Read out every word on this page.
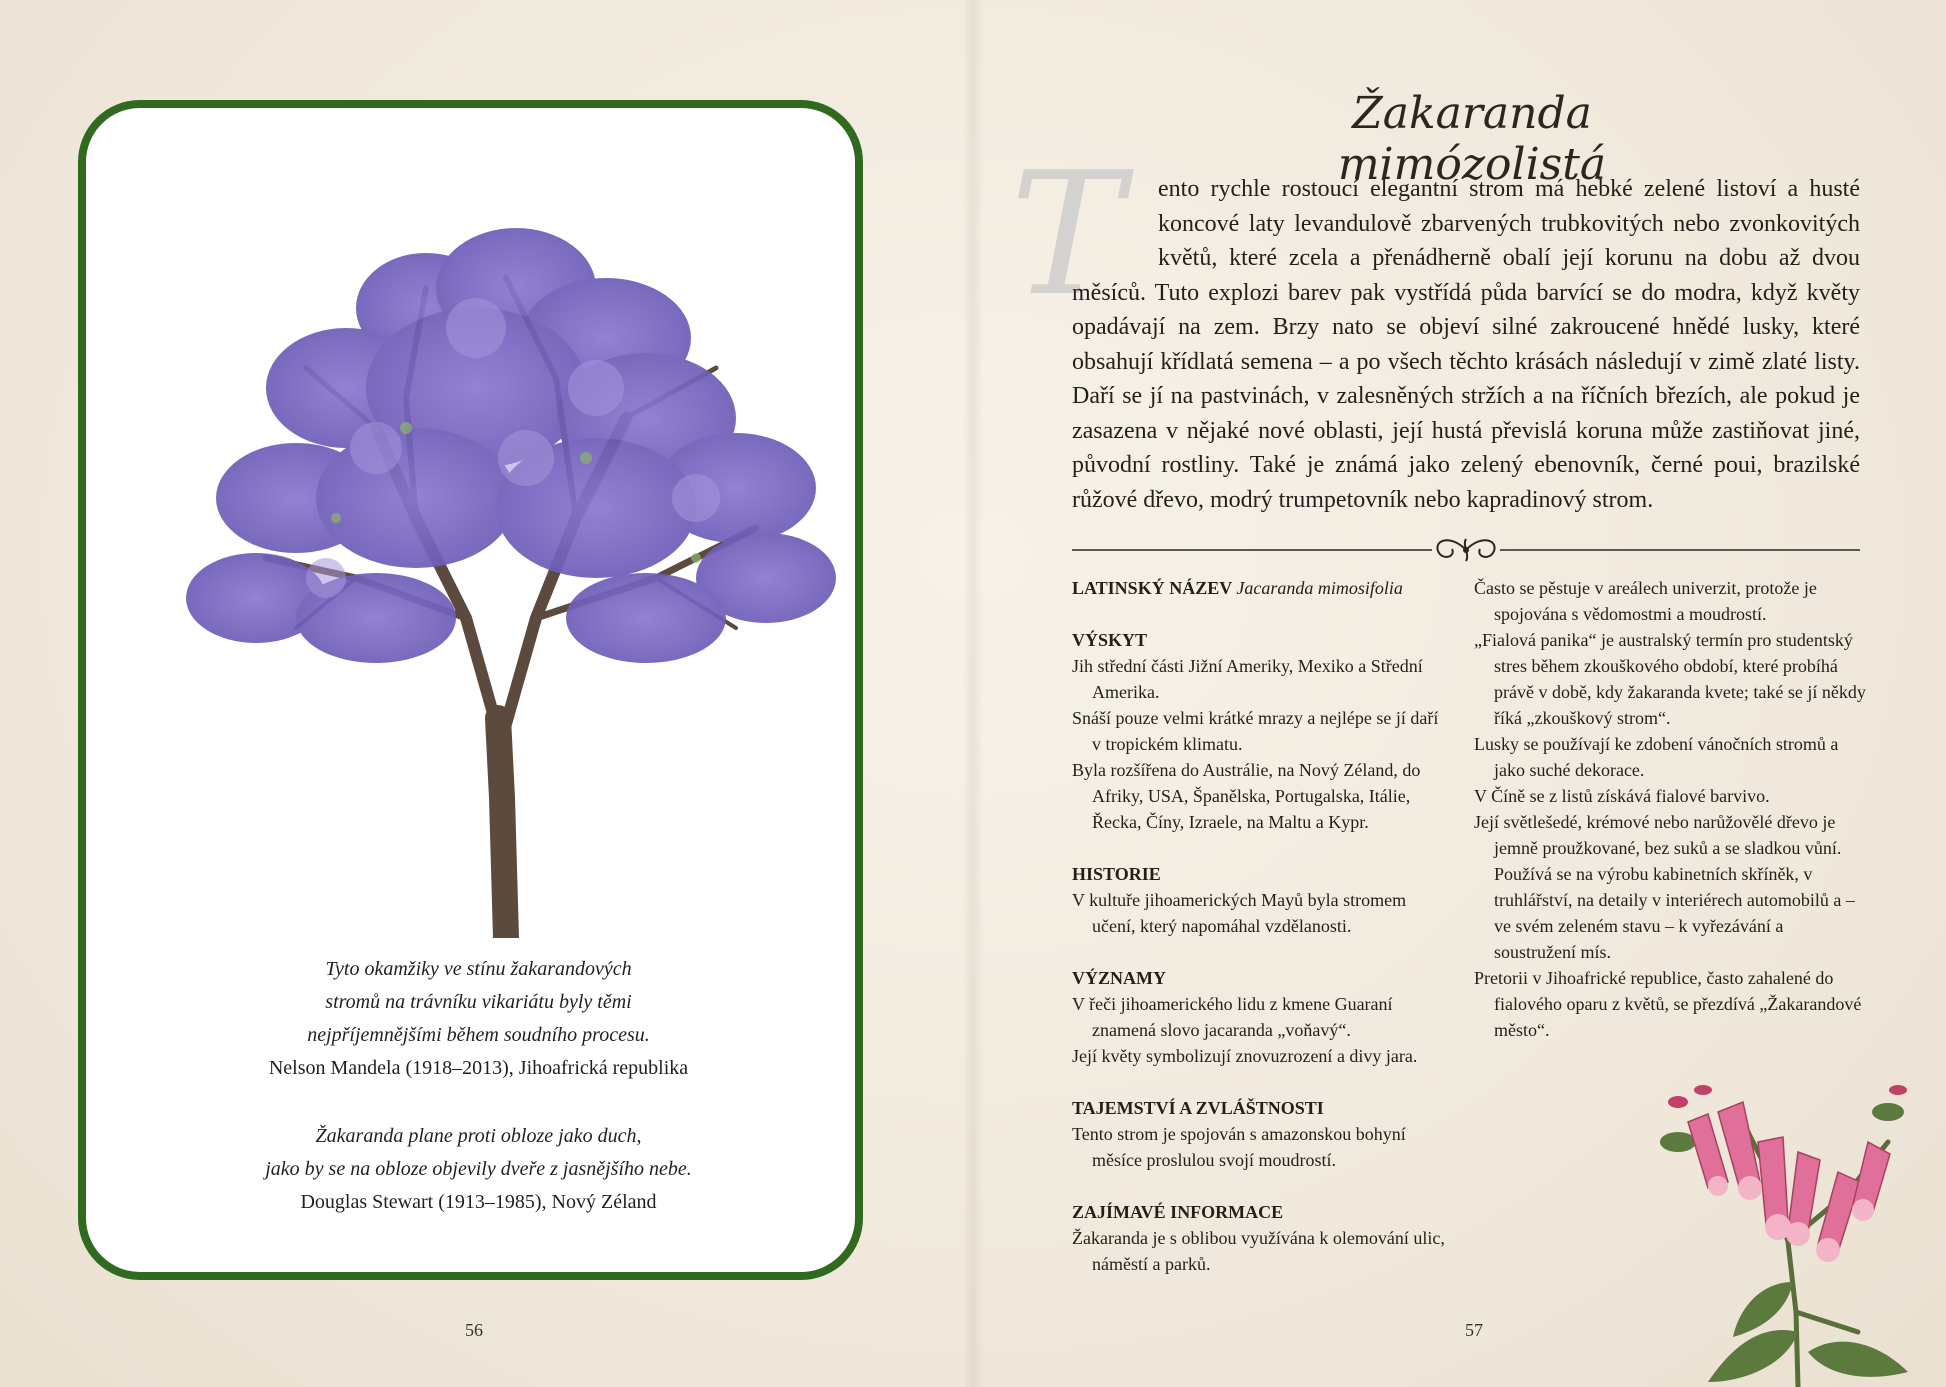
Tyto okamžiky ve stínu žakarandových
stromů na trávníku vikariátu byly těmi
nejpříjemnějšími během soudního procesu.
Nelson Mandela (1918–2013), Jihoafrická republika
Žakaranda plane proti obloze jako duch,
jako by se na obloze objevily dveře z jasnějšího nebe.
Douglas Stewart (1913–1985), Nový Zéland
56
Žakaranda mimózolistá
T	ento rychle rostoucí elegantní strom má hebké zelené listoví a husté koncové laty levandulově zbarvených trubkovitých nebo zvonkovitých květů, které zcela a přenádherně obalí její korunu na dobu až dvou měsíců. Tuto explozi barev pak vystřídá půda barvící se do modra, když květy opadávají na zem. Brzy nato se objeví silné zakroucené hnědé lusky, které obsahují křídlatá semena – a po všech těchto krásách následují v zimě zlaté listy. Daří se jí na pastvinách, v zalesněných stržích a na říčních březích, ale pokud je zasazena v nějaké nové oblasti, její hustá převislá koruna může zastiňovat jiné, původní rostliny. Také je známá jako zelený ebenovník, černé poui, brazilské růžové dřevo, modrý trumpetovník nebo kapradinový strom.

LATINSKÝ NÁZEV Jacaranda mimosifolia

VÝSKYT

Jih střední části Jižní Ameriky, Mexiko a Střední Amerika.

Snáší pouze velmi krátké mrazy a nejlépe se jí daří v tropickém klimatu.

Byla rozšířena do Austrálie, na Nový Zéland, do Afriky, USA, Španělska, Portugalska, Itálie, Řecka, Číny, Izraele, na Maltu a Kypr.

HISTORIE

V kultuře jihoamerických Mayů byla stromem učení, který napomáhal vzdělanosti.

VÝZNAMY

V řeči jihoamerického lidu z kmene Guaraní znamená slovo jacaranda „voňavý“.

Její květy symbolizují znovuzrození a divy jara.

TAJEMSTVÍ A ZVLÁŠTNOSTI

Tento strom je spojován s amazonskou bohyní měsíce proslulou svojí moudrostí.

ZAJÍMAVÉ INFORMACE

Žakaranda je s oblibou využívána k olemování ulic, náměstí a parků.

Často se pěstuje v areálech univerzit, protože je spojována s vědomostmi a moudrostí.

„Fialová panika“ je australský termín pro studentský stres během zkouškového období, které probíhá právě v době, kdy žakaranda kvete; také se jí někdy říká „zkouškový strom“.

Lusky se používají ke zdobení vánočních stromů a jako suché dekorace.

V Číně se z listů získává fialové barvivo.

Její světlešedé, krémové nebo narůžovělé dřevo je jemně proužkované, bez suků a se sladkou vůní. Používá se na výrobu kabinetních skříněk, v truhlářství, na detaily v interiérech automobilů a – ve svém zeleném stavu – k vyřezávání a soustružení mís.

Pretorii v Jihoafrické republice, často zahalené do fialového oparu z květů, se přezdívá „Žakarandové město“.

57
